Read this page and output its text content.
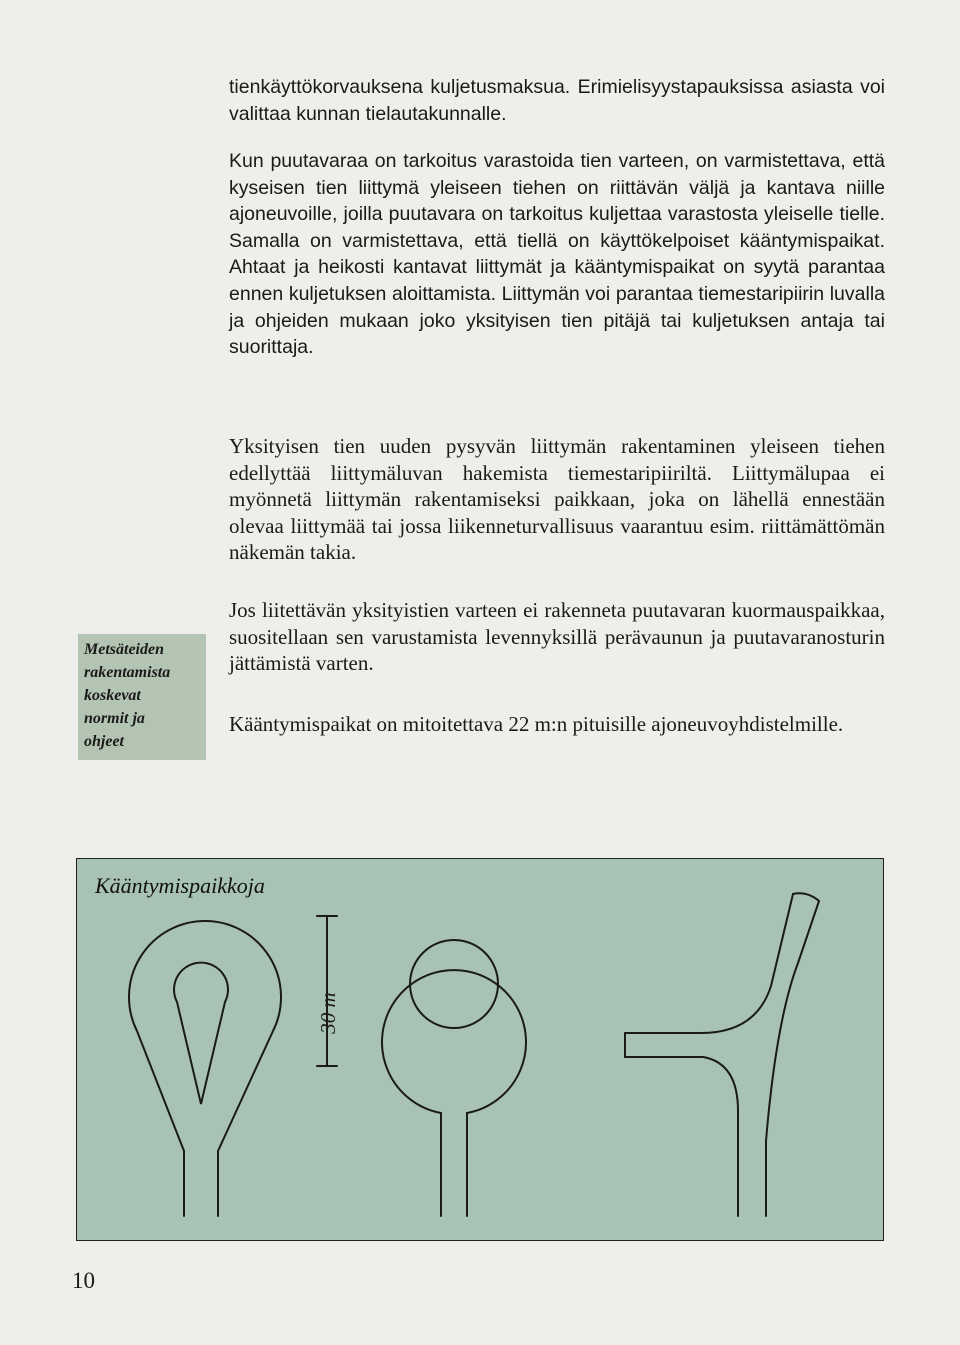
tienkäyttökorvauksena kuljetusmaksua. Erimielisyystapauksissa asiasta voi valittaa kunnan tielautakunnalle.

Kun puutavaraa on tarkoitus varastoida tien varteen, on varmistettava, että kyseisen tien liittymä yleiseen tiehen on riittävän väljä ja kantava niille ajoneuvoille, joilla puutavara on tarkoitus kuljettaa varastosta yleiselle tielle. Samalla on varmistettava, että tiellä on käyttökelpoiset kääntymispaikat. Ahtaat ja heikosti kantavat liittymät ja kääntymispaikat on syytä parantaa ennen kuljetuksen aloittamista. Liittymän voi parantaa tiemestaripiirin luvalla ja ohjeiden mukaan joko yksityisen tien pitäjä tai kuljetuksen antaja tai suorittaja.

Yksityisen tien uuden pysyvän liittymän rakentaminen yleiseen tiehen edellyttää liittymäluvan hakemista tiemestaripiiriltä. Liittymälupaa ei myönnetä liittymän rakentamiseksi paikkaan, joka on lähellä ennestään olevaa liittymää tai jossa liikenneturvallisuus vaarantuu esim. riittämättömän näkemän takia.

Jos liitettävän yksityistien varteen ei rakenneta puutavaran kuormauspaikkaa, suositellaan sen varustamista levennyksillä perävaunun ja puutavaranosturin jättämistä varten.

Kääntymispaikat on mitoitettava 22 m:n pituisille ajoneuvoyhdistelmille.

Metsäteiden
rakentamista
koskevat
normit ja
ohjeet
Kääntymispaikkoja
30 m
10
